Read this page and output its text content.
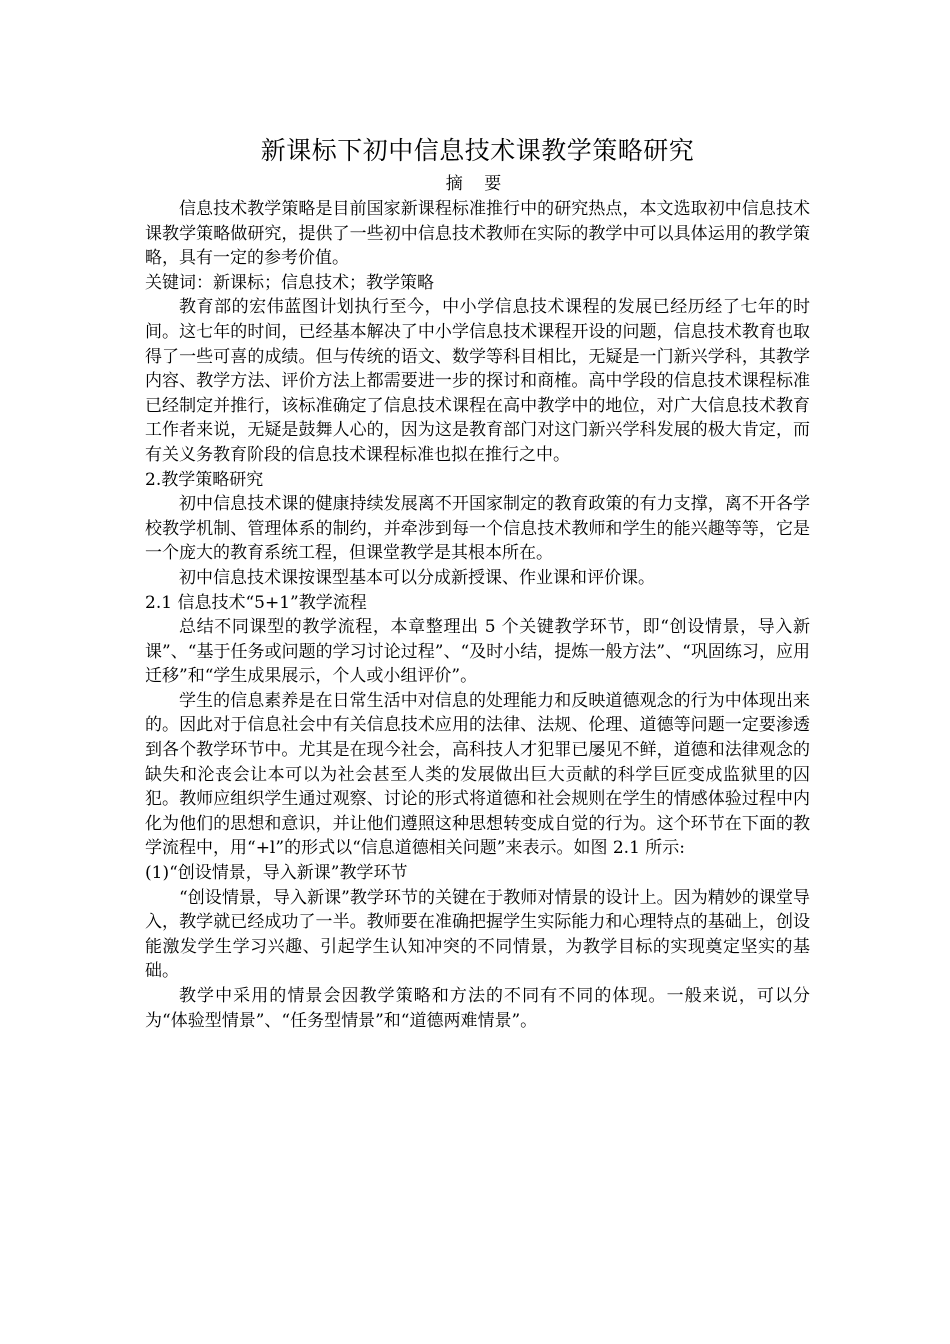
新课标下初中信息技术课教学策略研究
摘 要

信息技术教学策略是目前国家新课程标准推行中的研究热点，本文选取初中信息技术课教学策略做研究，提供了一些初中信息技术教师在实际的教学中可以具体运用的教学策略，具有一定的参考价值。

关键词：新课标；信息技术；教学策略

教育部的宏伟蓝图计划执行至今，中小学信息技术课程的发展已经历经了七年的时间。这七年的时间，已经基本解决了中小学信息技术课程开设的问题，信息技术教育也取得了一些可喜的成绩。但与传统的语文、数学等科目相比，无疑是一门新兴学科，其教学内容、教学方法、评价方法上都需要进一步的探讨和商榷。高中学段的信息技术课程标准已经制定并推行，该标准确定了信息技术课程在高中教学中的地位，对广大信息技术教育工作者来说，无疑是鼓舞人心的，因为这是教育部门对这门新兴学科发展的极大肯定，而有关义务教育阶段的信息技术课程标准也拟在推行之中。

2.教学策略研究

初中信息技术课的健康持续发展离不开国家制定的教育政策的有力支撑，离不开各学校教学机制、管理体系的制约，并牵涉到每一个信息技术教师和学生的能兴趣等等，它是一个庞大的教育系统工程，但课堂教学是其根本所在。

初中信息技术课按课型基本可以分成新授课、作业课和评价课。

2.1 信息技术“5+1”教学流程

总结不同课型的教学流程，本章整理出 5 个关键教学环节，即“创设情景，导入新课”、“基于任务或问题的学习讨论过程”、“及时小结，提炼一般方法”、“巩固练习，应用迁移”和“学生成果展示，个人或小组评价”。

学生的信息素养是在日常生活中对信息的处理能力和反映道德观念的行为中体现出来的。因此对于信息社会中有关信息技术应用的法律、法规、伦理、道德等问题一定要渗透到各个教学环节中。尤其是在现今社会，高科技人才犯罪已屡见不鲜，道德和法律观念的缺失和沦丧会让本可以为社会甚至人类的发展做出巨大贡献的科学巨匠变成监狱里的囚犯。教师应组织学生通过观察、讨论的形式将道德和社会规则在学生的情感体验过程中内化为他们的思想和意识，并让他们遵照这种思想转变成自觉的行为。这个环节在下面的教学流程中，用“+l”的形式以“信息道德相关问题”来表示。如图 2.1 所示:

(1)“创设情景，导入新课”教学环节

“创设情景，导入新课”教学环节的关键在于教师对情景的设计上。因为精妙的课堂导入，教学就已经成功了一半。教师要在准确把握学生实际能力和心理特点的基础上，创设能激发学生学习兴趣、引起学生认知冲突的不同情景，为教学目标的实现奠定坚实的基础。

教学中采用的情景会因教学策略和方法的不同有不同的体现。一般来说，可以分为“体验型情景”、“任务型情景”和“道德两难情景”。
